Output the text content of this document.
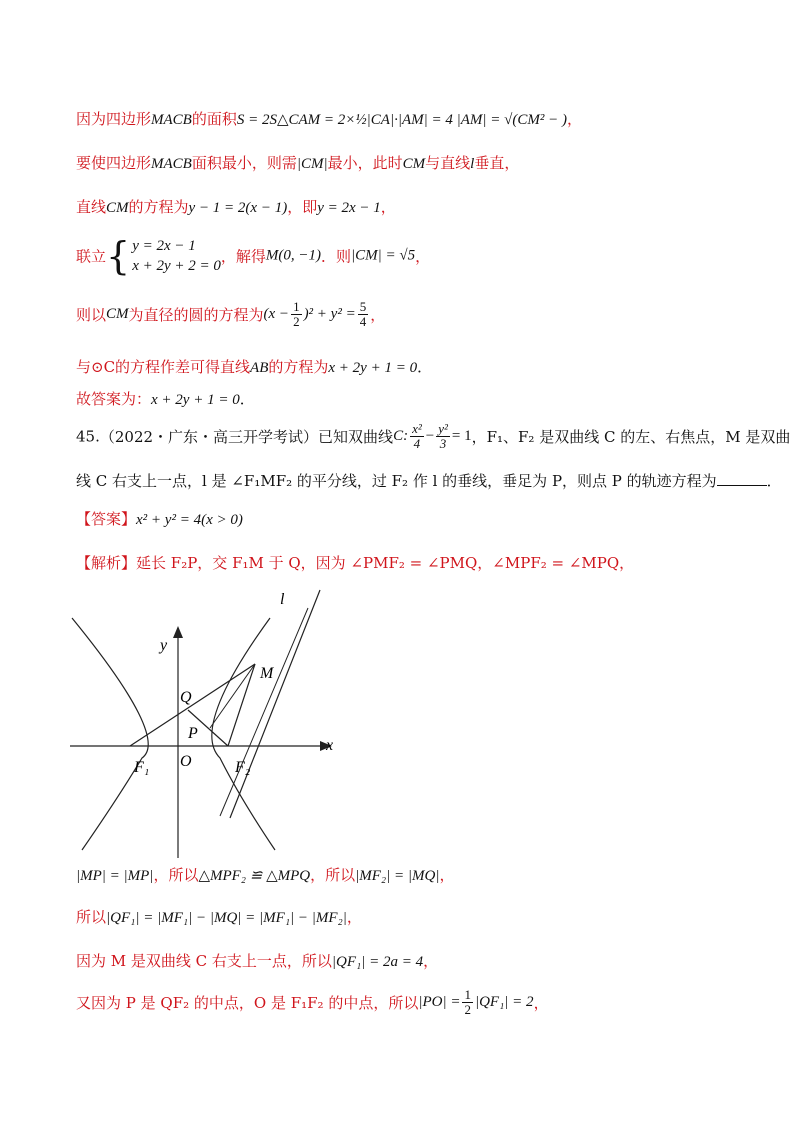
因为四边形MACB的面积S = 2S△CAM = 2×½|CA|·|AM| = 4 |AM| = √(CM² − )，
要使四边形MACB面积最小，则需|CM|最小，此时CM与直线l垂直，
直线CM的方程为y − 1 = 2(x − 1)，即y = 2x − 1，
联立{ y = 2x − 1
x + 2y + 2 = 0，解得M(0, −1)．则|CM| = √5，
则以CM为直径的圆的方程为$(x - \frac{1}{2} )^2 + y^2 = \frac{5}{4}$ ，
与⊙C的方程作差可得直线AB的方程为x + 2y + 1 = 0．
故答案为：x + 2y + 1 = 0．
45.（2022・广东・高三开学考试）已知双曲线C: $\frac{\text{x²}}{4} - \frac{\text{y²}}{3} = 1$，F₁、F₂ 是双曲线 C 的左、右焦点，M 是双曲
线 C 右支上一点，l 是 ∠F₁MF₂ 的平分线，过 F₂ 作 l 的垂线，垂足为 P，则点 P 的轨迹方程为	．
【答案】x² + y² = 4(x > 0)
【解析】延长 F₂P，交 F₁M 于 Q，因为 ∠PMF₂ = ∠PMQ，∠MPF₂ = ∠MPQ，
l
y
x
M
Q
P
O
F₁	F₂
|MP| = |MP|，所以△MPF₂ ≌ △MPQ，所以|MF₂| = |MQ|，
所以|QF₁| = |MF₁| − |MQ| = |MF₁| − |MF₂|，
因为 M 是双曲线 C 右支上一点，所以|QF₁| = 2a = 4，
又因为 P 是 QF₂ 的中点，O 是 F₁F₂ 的中点，所以$|PO| = \frac{1}{2} |QF_1| = 2$，
